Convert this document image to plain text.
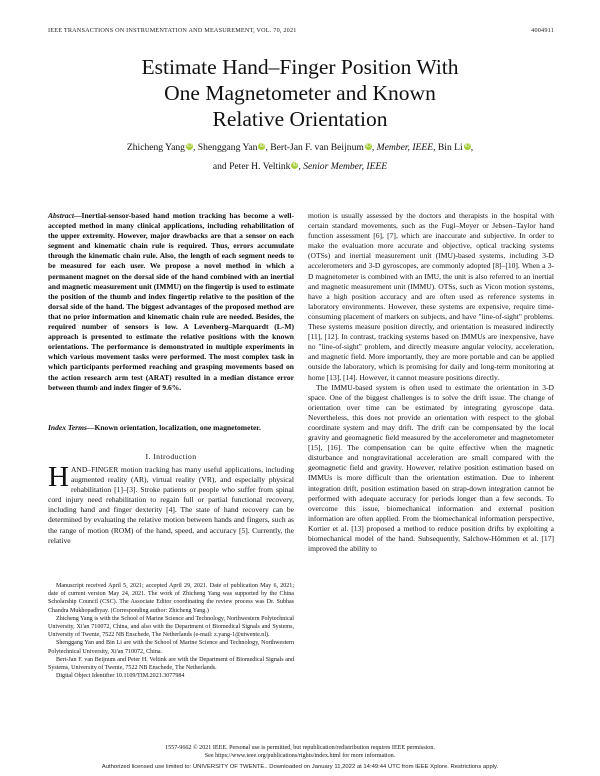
IEEE TRANSACTIONS ON INSTRUMENTATION AND MEASUREMENT, VOL. 70, 2021	4004911
Estimate Hand–Finger Position With
One Magnetometer and Known
Relative Orientation
Zhicheng Yang iD, Shenggang Yan iD, Bert-Jan F. van Beijnum iD, Member, IEEE, Bin Li iD,
and Peter H. Veltink iD, Senior Member, IEEE

Abstract—Inertial-sensor-based hand motion tracking has become a well-accepted method in many clinical applications, including rehabilitation of the upper extremity. However, major drawbacks are that a sensor on each segment and kinematic chain rule is required. Thus, errors accumulate through the kinematic chain rule. Also, the length of each segment needs to be measured for each user. We propose a novel method in which a permanent magnet on the dorsal side of the hand combined with an inertial and magnetic measurement unit (IMMU) on the fingertip is used to estimate the position of the thumb and index fingertip relative to the position of the dorsal side of the hand. The biggest advantages of the proposed method are that no prior information and kinematic chain rule are needed. Besides, the required number of sensors is low. A Levenberg–Marquardt (L-M) approach is presented to estimate the relative positions with the known orientations. The performance is demonstrated in multiple experiments in which various movement tasks were performed. The most complex task in which participants performed reaching and grasping movements based on the action research arm test (ARAT) resulted in a median distance error between thumb and index finger of 9.6%.

Index Terms—Known orientation, localization, one magnetometer.

I. Introduction

HAND–FINGER motion tracking has many useful applications, including augmented reality (AR), virtual reality (VR), and especially physical rehabilitation [1]–[3]. Stroke patients or people who suffer from spinal cord injury need rehabilitation to regain full or partial functional recovery, including hand and finger dexterity [4]. The state of hand recovery can be determined by evaluating the relative motion between hands and fingers, such as the range of motion (ROM) of the hand, speed, and accuracy [5]. Currently, the relative

Manuscript received April 5, 2021; accepted April 29, 2021. Date of publication May 6, 2021; date of current version May 24, 2021. The work of Zhicheng Yang was supported by the China Scholarship Council (CSC). The Associate Editor coordinating the review process was Dr. Subhas Chandra Mukhopadhyay. (Corresponding author: Zhicheng Yang.)

Zhicheng Yang is with the School of Marine Science and Technology, Northwestern Polytechnical University, Xi'an 710072, China, and also with the Department of Biomedical Signals and Systems, University of Twente, 7522 NB Enschede, The Netherlands (e-mail: z.yang-1@utwente.nl).

Shenggang Yan and Bin Li are with the School of Marine Science and Technology, Northwestern Polytechnical University, Xi'an 710072, China.

Bert-Jan F. van Beijnum and Peter H. Veltink are with the Department of Biomedical Signals and Systems, University of Twente, 7522 NB Enschede, The Netherlands.

Digital Object Identifier 10.1109/TIM.2021.3077984

motion is usually assessed by the doctors and therapists in the hospital with certain standard movements, such as the Fugl–Meyer or Jebsen–Taylor hand function assessment [6], [7], which are inaccurate and subjective. In order to make the evaluation more accurate and objective, optical tracking systems (OTSs) and inertial measurement unit (IMU)-based systems, including 3-D accelerometers and 3-D gyroscopes, are commonly adopted [8]–[10]. When a 3-D magnetometer is combined with an IMU, the unit is also referred to an inertial and magnetic measurement unit (IMMU). OTSs, such as Vicon motion systems, have a high position accuracy and are often used as reference systems in laboratory environments. However, these systems are expensive, require time-consuming placement of markers on subjects, and have "line-of-sight" problems. These systems measure position directly, and orientation is measured indirectly [11], [12]. In contrast, tracking systems based on IMMUs are inexpensive, have no "line-of-sight" problem, and directly measure angular velocity, acceleration, and magnetic field. More importantly, they are more portable and can be applied outside the laboratory, which is promising for daily and long-term monitoring at home [13], [14]. However, it cannot measure positions directly.

The IMMU-based system is often used to estimate the orientation in 3-D space. One of the biggest challenges is to solve the drift issue. The change of orientation over time can be estimated by integrating gyroscope data. Nevertheless, this does not provide an orientation with respect to the global coordinate system and may drift. The drift can be compensated by the local gravity and geomagnetic field measured by the accelerometer and magnetometer [15], [16]. The compensation can be quite effective when the magnetic disturbance and nongravitational acceleration are small compared with the geomagnetic field and gravity. However, relative position estimation based on IMMUs is more difficult than the orientation estimation. Due to inherent integration drift, position estimation based on strap-down integration cannot be performed with adequate accuracy for periods longer than a few seconds. To overcome this issue, biomechanical information and external position information are often applied. From the biomechanical information perspective, Kortier et al. [13] proposed a method to reduce position drifts by exploiting a biomechanical model of the hand. Subsequently, Salchow-Hömmen et al. [17] improved the ability to

1557-9662 © 2021 IEEE. Personal use is permitted, but republication/redistribution requires IEEE permission.
See https://www.ieee.org/publications/rights/index.html for more information.
Authorized licensed use limited to: UNIVERSITY OF TWENTE.. Downloaded on January 11,2022 at 14:49:44 UTC from IEEE Xplore. Restrictions apply.
